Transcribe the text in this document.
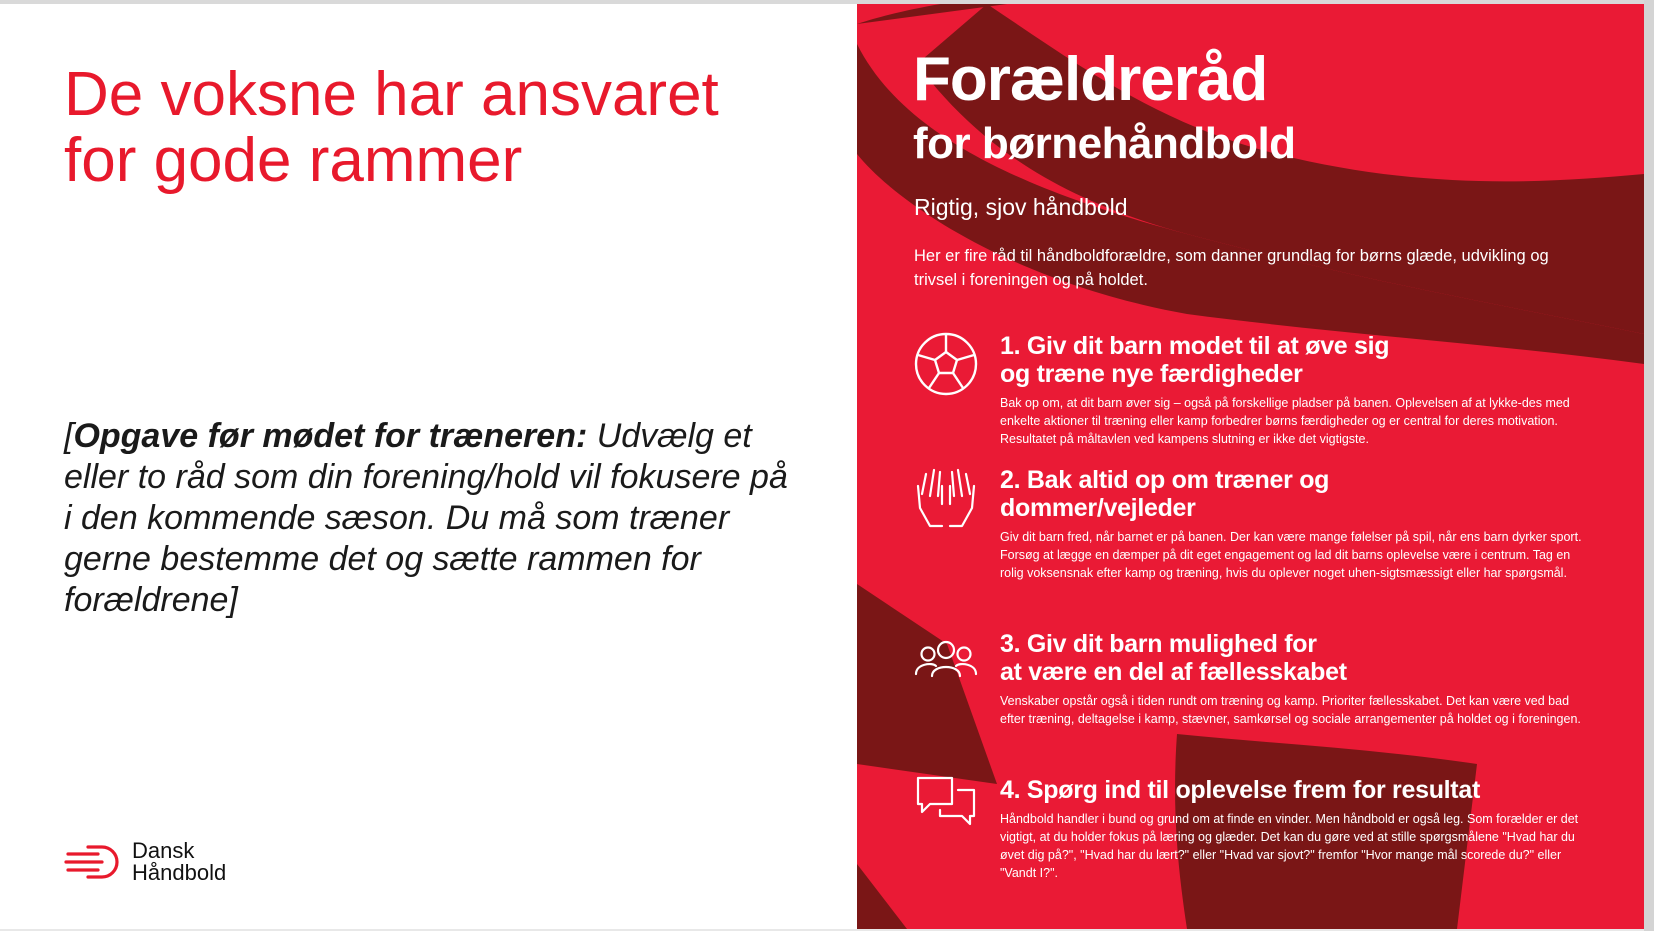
De voksne har ansvaret
for gode rammer
[Opgave før mødet for træneren: Udvælg et eller to råd som din forening/hold vil fokusere på i den kommende sæson. Du må som træner gerne bestemme det og sætte rammen for forældrene]
Dansk
Håndbold
Forældreråd
for børnehåndbold
Rigtig, sjov håndbold
Her er fire råd til håndboldforældre, som danner grundlag for børns glæde, udvikling og trivsel i foreningen og på holdet.
1. Giv dit barn modet til at øve sig
og træne nye færdigheder
Bak op om, at dit barn øver sig – også på forskellige pladser på banen. Oplevelsen af at lykke-des med enkelte aktioner til træning eller kamp forbedrer børns færdigheder og er central for deres motivation. Resultatet på måltavlen ved kampens slutning er ikke det vigtigste.
2. Bak altid op om træner og
dommer/vejleder
Giv dit barn fred, når barnet er på banen. Der kan være mange følelser på spil, når ens barn dyrker sport. Forsøg at lægge en dæmper på dit eget engagement og lad dit barns oplevelse være i centrum. Tag en rolig voksensnak efter kamp og træning, hvis du oplever noget uhen-sigtsmæssigt eller har spørgsmål.
3. Giv dit barn mulighed for
at være en del af fællesskabet
Venskaber opstår også i tiden rundt om træning og kamp. Prioriter fællesskabet. Det kan være ved bad efter træning, deltagelse i kamp, stævner, samkørsel og sociale arrangementer på holdet og i foreningen.
4. Spørg ind til oplevelse frem for resultat
Håndbold handler i bund og grund om at finde en vinder. Men håndbold er også leg. Som forælder er det vigtigt, at du holder fokus på læring og glæder. Det kan du gøre ved at stille spørgsmålene "Hvad har du øvet dig på?", "Hvad har du lært?" eller "Hvad var sjovt?" fremfor "Hvor mange mål scorede du?" eller "Vandt I?".
